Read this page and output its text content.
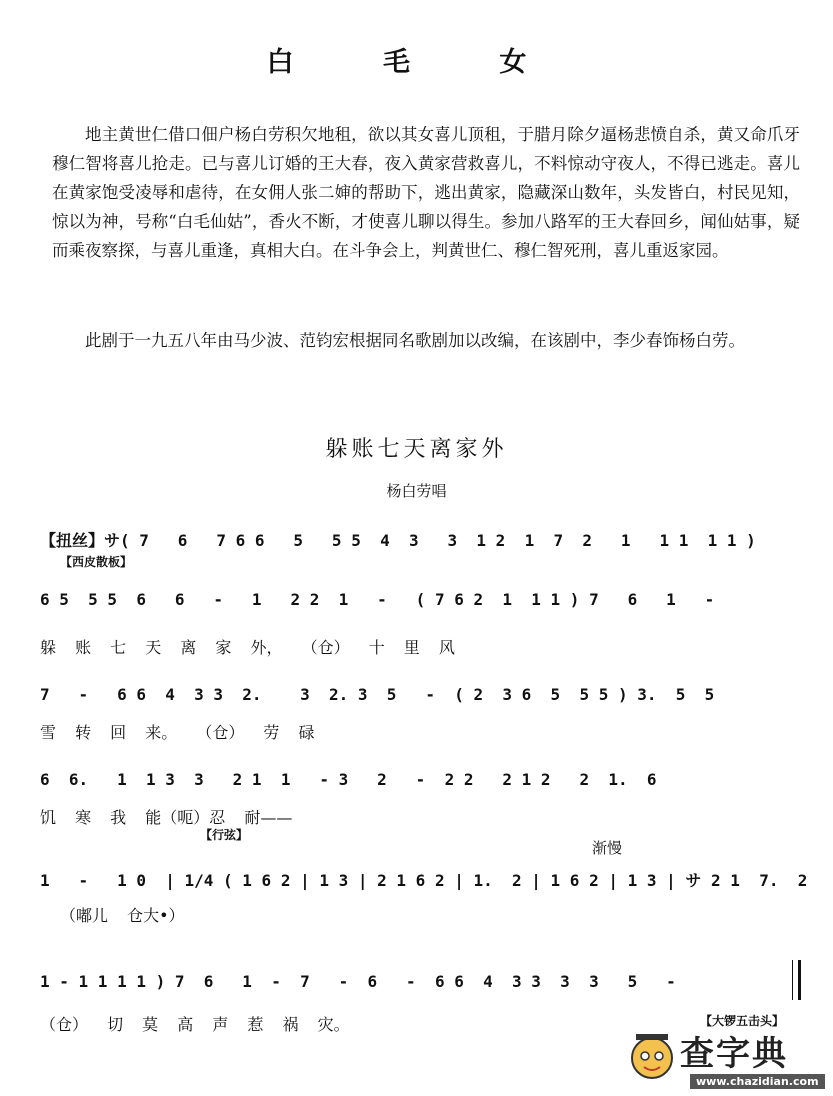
白 毛 女

地主黄世仁借口佃户杨白劳积欠地租，欲以其女喜儿顶租，于腊月除夕逼杨悲愤自杀，黄又命爪牙穆仁智将喜儿抢走。已与喜儿订婚的王大春，夜入黄家营救喜儿，不料惊动守夜人，不得已逃走。喜儿在黄家饱受凌辱和虐待，在女佣人张二婶的帮助下，逃出黄家，隐藏深山数年，头发皆白，村民见知，惊以为神，号称“白毛仙姑”，香火不断，才使喜儿聊以得生。参加八路军的王大春回乡，闻仙姑事，疑而乘夜察探，与喜儿重逢，真相大白。在斗争会上，判黄世仁、穆仁智死刑，喜儿重返家园。

此剧于一九五八年由马少波、范钧宏根据同名歌剧加以改编，在该剧中，李少春饰杨白劳。

躲账七天离家外
杨白劳唱
【西皮散板】
【扭丝】サ( 7   6   7 6 6   5   5 5  4  3   3  1 2  1  7  2   1   1 1  1 1 )
6 5  5 5  6   6   -   1   2 2  1   -   ( 7 6 2  1  1 1 ) 7   6   1   -
躲 账 七 天 离 家 外， （仓） 十 里 风
7   -   6 6  4  3 3  2.    3  2. 3  5   -  ( 2  3 6  5  5 5 ) 3.  5  5
雪 转 回 来。 （仓） 劳 碌
6  6.   1  1 3  3   2 1  1   - 3   2   -  2 2   2 1 2   2  1.  6
饥 寒 我 能（呃）忍 耐——
【行弦】
渐慢
1   -   1 0  | 1/4 ( 1 6 2 | 1 3 | 2 1 6 2 | 1.  2 | 1 6 2 | 1 3 | サ 2 1  7.  2
（嘟儿 仓大•）
1 - 1 1 1 1 ) 7  6   1  -  7   -  6   -  6 6  4  3 3  3  3   5   -
（仓） 切 莫 高 声 惹 祸 灾。	【大锣五击头】
查字典
www.chazidian.com
